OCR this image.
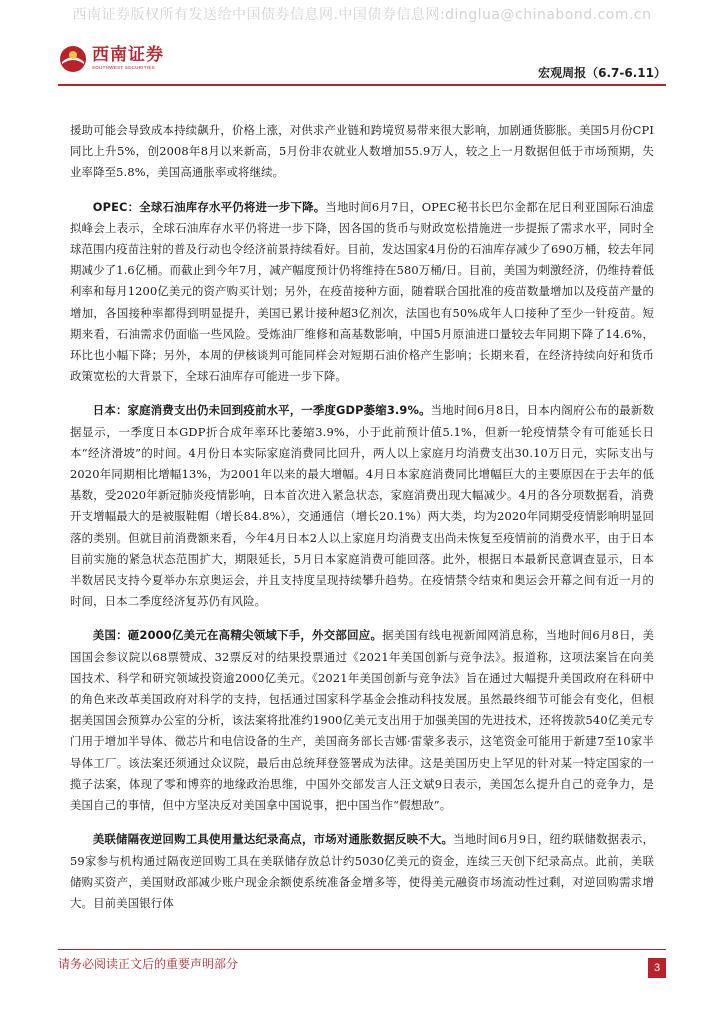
西南证券版权所有发送给中国债券信息网.中国债券信息网:dinglua@chinabond.com.cn
西南证券
SOUTHWEST SECURITIES	宏观周报（6.7-6.11）

援助可能会导致成本持续飙升，价格上涨，对供求产业链和跨境贸易带来很大影响，加剧通货膨胀。美国5月份CPI同比上升5%，创2008年8月以来新高，5月份非农就业人数增加55.9万人，较之上一月数据但低于市场预期，失业率降至5.8%，美国高通胀率或将继续。

OPEC：全球石油库存水平仍将进一步下降。当地时间6月7日，OPEC秘书长巴尔金都在尼日利亚国际石油虚拟峰会上表示，全球石油库存水平仍将进一步下降，因各国的货币与财政宽松措施进一步提振了需求水平，同时全球范围内疫苗注射的普及行动也令经济前景持续看好。目前，发达国家4月份的石油库存减少了690万桶，较去年同期减少了1.6亿桶。而截止到今年7月，减产幅度预计仍将维持在580万桶/日。目前，美国为刺激经济，仍维持着低利率和每月1200亿美元的资产购买计划；另外，在疫苗接种方面，随着联合国批准的疫苗数量增加以及疫苗产量的增加，各国接种率都得到明显提升，美国已累计接种超3亿剂次，法国也有50%成年人口接种了至少一针疫苗。短期来看，石油需求仍面临一些风险。受炼油厂维修和高基数影响，中国5月原油进口量较去年同期下降了14.6%，环比也小幅下降；另外，本周的伊核谈判可能同样会对短期石油价格产生影响；长期来看，在经济持续向好和货币政策宽松的大背景下，全球石油库存可能进一步下降。

日本：家庭消费支出仍未回到疫前水平，一季度GDP萎缩3.9%。当地时间6月8日，日本内阁府公布的最新数据显示，一季度日本GDP折合成年率环比萎缩3.9%，小于此前预计值5.1%，但新一轮疫情禁令有可能延长日本“经济滑坡”的时间。4月份日本实际家庭消费同比回升，两人以上家庭月均消费支出30.10万日元，实际支出与2020年同期相比增幅13%，为2001年以来的最大增幅。4月日本家庭消费同比增幅巨大的主要原因在于去年的低基数，受2020年新冠肺炎疫情影响，日本首次进入紧急状态，家庭消费出现大幅减少。4月的各分项数据看，消费开支增幅最大的是被服鞋帽（增长84.8%），交通通信（增长20.1%）两大类，均为2020年同期受疫情影响明显回落的类别。但就目前消费额来看，今年4月日本2人以上家庭月均消费支出尚未恢复至疫情前的消费水平，由于日本目前实施的紧急状态范围扩大，期限延长，5月日本家庭消费可能回落。此外，根据日本最新民意调查显示，日本半数居民支持今夏举办东京奥运会，并且支持度呈现持续攀升趋势。在疫情禁令结束和奥运会开幕之间有近一月的时间，日本二季度经济复苏仍有风险。

美国：砸2000亿美元在高精尖领域下手，外交部回应。据美国有线电视新闻网消息称，当地时间6月8日，美国国会参议院以68票赞成、32票反对的结果投票通过《2021年美国创新与竞争法》。报道称，这项法案旨在向美国技术、科学和研究领域投资逾2000亿美元。《2021年美国创新与竞争法》旨在通过大幅提升美国政府在科研中的角色来改革美国政府对科学的支持，包括通过国家科学基金会推动科技发展。虽然最终细节可能会有变化，但根据美国国会预算办公室的分析，该法案将批准约1900亿美元支出用于加强美国的先进技术，还将拨款540亿美元专门用于增加半导体、微芯片和电信设备的生产，美国商务部长吉娜·雷蒙多表示，这笔资金可能用于新建7至10家半导体工厂。该法案还须通过众议院，最后由总统拜登签署成为法律。这是美国历史上罕见的针对某一特定国家的一揽子法案，体现了零和博弈的地缘政治思维，中国外交部发言人汪文斌9日表示，美国怎么提升自己的竞争力，是美国自己的事情，但中方坚决反对美国拿中国说事，把中国当作“假想敌”。

美联储隔夜逆回购工具使用量达纪录高点，市场对通胀数据反映不大。当地时间6月9日，纽约联储数据表示，59家参与机构通过隔夜逆回购工具在美联储存放总计约5030亿美元的资金，连续三天创下纪录高点。此前，美联储购买资产，美国财政部减少账户现金余额使系统准备金增多等，使得美元融资市场流动性过剩，对逆回购需求增大。目前美国银行体

请务必阅读正文后的重要声明部分	3
